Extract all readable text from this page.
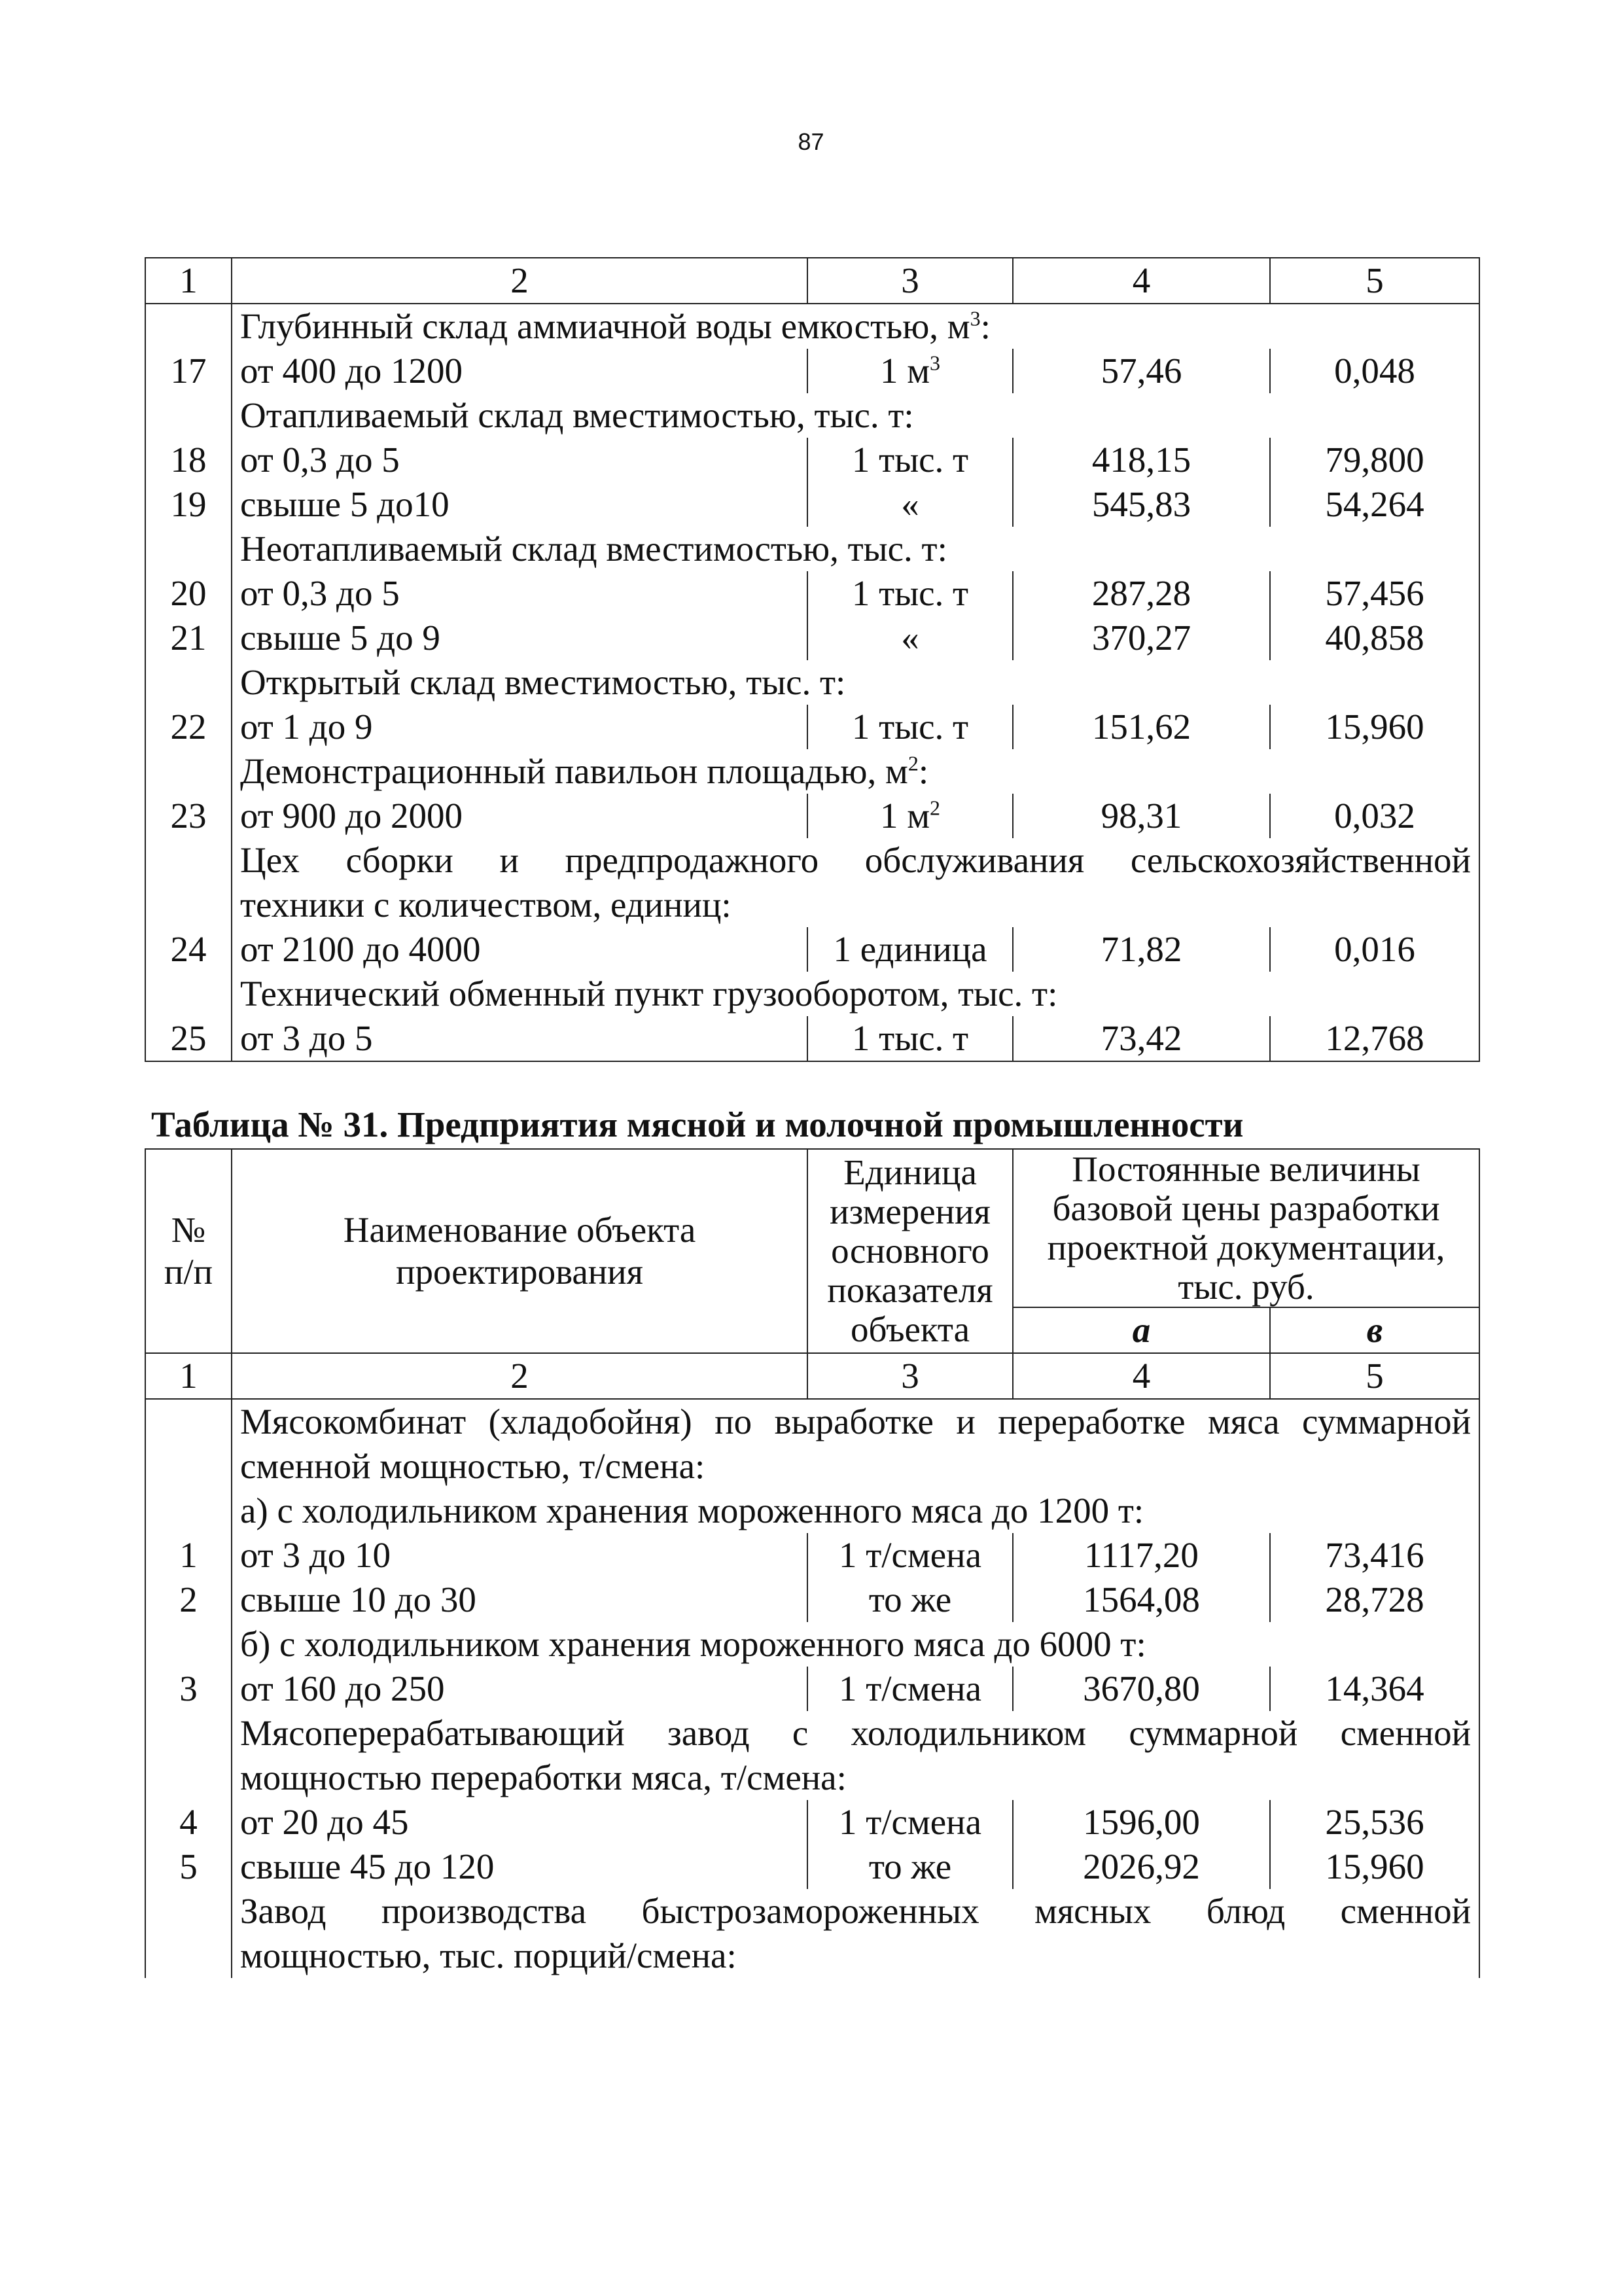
87
1	2	3	4	5
	Глубинный склад аммиачной воды емкостью, $м^3$:			
17	от 400 до 1200	1 $м^3$	57,46	0,048
	Отапливаемый склад вместимостью, тыс. т:			
18	от 0,3 до 5	1 тыс. т	418,15	79,800
19	свыше 5 до10	«	545,83	54,264
	Неотапливаемый склад вместимостью, тыс. т:			
20	от 0,3 до 5	1 тыс. т	287,28	57,456
21	свыше 5 до 9	«	370,27	40,858
	Открытый склад вместимостью, тыс. т:			
22	от 1 до 9	1 тыс. т	151,62	15,960
	Демонстрационный павильон площадью, $м^2$:			
23	от 900 до 2000	1 $м^2$	98,31	0,032
	Цех сборки и предпродажного обслуживания сельскохозяйственной			
	техники с количеством, единиц:			
24	от 2100 до 4000	1 единица	71,82	0,016
	Технический обменный пункт грузооборотом, тыс. т:			
25	от 3 до 5	1 тыс. т	73,42	12,768
Таблица № 31. Предприятия мясной и молочной промышленности
№ п/п	Наименование объекта проектирования	Единица измерения основного показателя объекта	Постоянные величины базовой цены разработки проектной документации, тыс. руб.	
			а	в
1	2	3	4	5
	Мясокомбинат (хладобойня) по выработке и переработке мяса суммарной			
	сменной мощностью, т/смена:			
	а) с холодильником хранения мороженного мяса до 1200 т:			
1	от 3 до 10	1 т/смена	1117,20	73,416
2	свыше 10 до 30	то же	1564,08	28,728
	б) с холодильником хранения мороженного мяса до 6000 т:			
3	от 160 до 250	1 т/смена	3670,80	14,364
	Мясоперерабатывающий завод с холодильником суммарной сменной			
	мощностью переработки мяса, т/смена:			
4	от 20 до 45	1 т/смена	1596,00	25,536
5	свыше 45 до 120	то же	2026,92	15,960
	Завод производства быстрозамороженных мясных блюд сменной			
	мощностью, тыс. порций/смена:			
